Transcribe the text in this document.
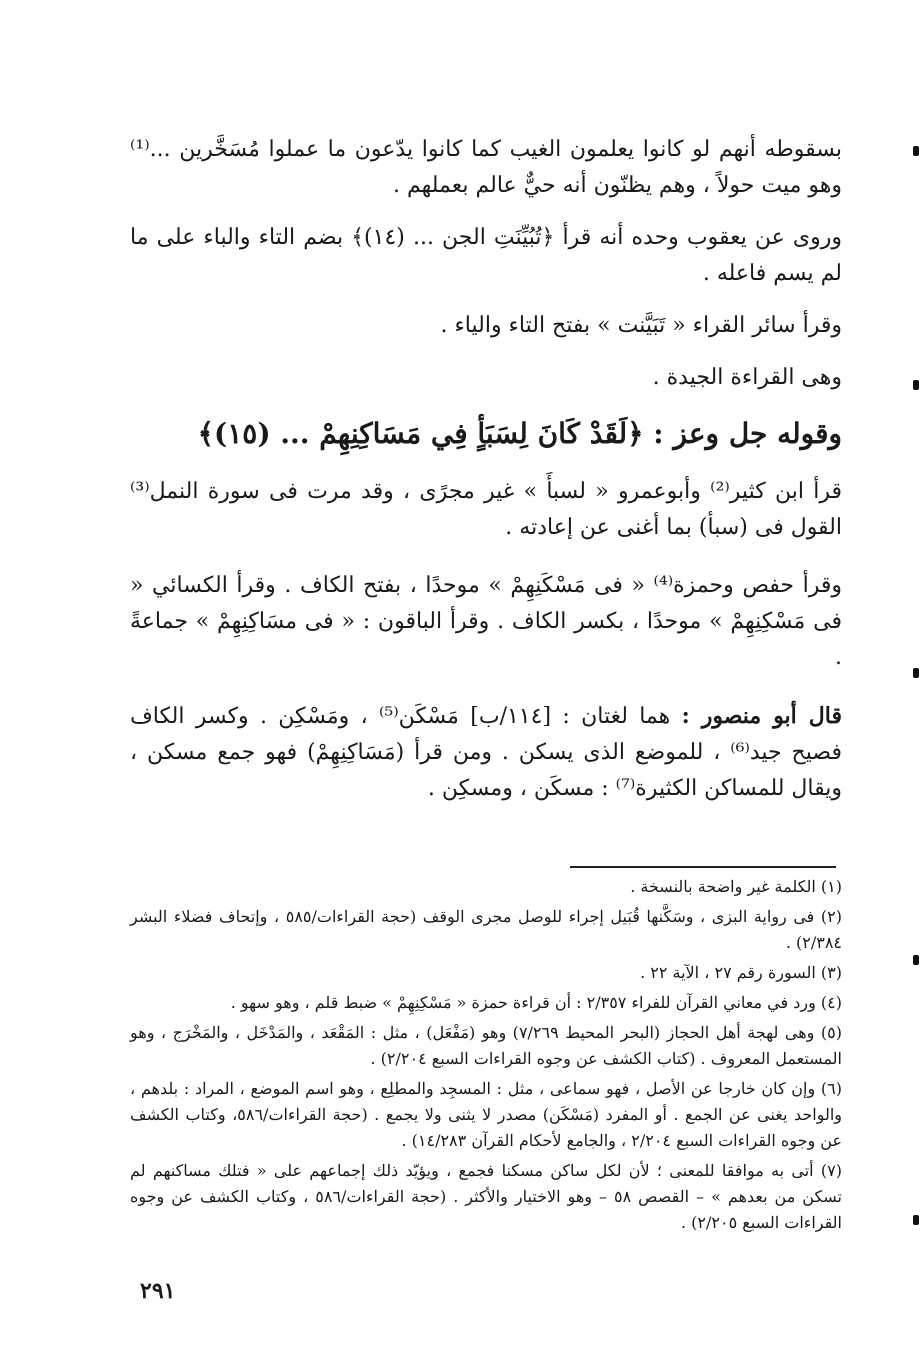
بسقوطه أنهم لو كانوا يعلمون الغيب كما كانوا يدّعون ما عملوا مُسَخَّرين ...⁽¹⁾ وهو ميت حولاً ، وهم يظنّون أنه حيٌّ عالم بعملهم .

وروى عن يعقوب وحده أنه قرأ ﴿تُبُيِّنَتِ الجن ... (١٤)﴾ بضم التاء والباء على ما لم يسم فاعله .

وقرأ سائر القراء « تَبَيَّنت » بفتح التاء والياء .

وهى القراءة الجيدة .

وقوله جل وعز : ﴿لَقَدْ كَانَ لِسَبَأٍ فِي مَسَاكِنِهِمْ ... (١٥)﴾

قرأ ابن كثير⁽²⁾ وأبوعمرو « لسبأَ » غير مجرًى ، وقد مرت فى سورة النمل⁽³⁾ القول فى (سبأ) بما أغنى عن إعادته .

وقرأ حفص وحمزة⁽⁴⁾ « فى مَسْكَنِهِمْ » موحدًا ، بفتح الكاف . وقرأ الكسائي « فى مَسْكِنِهِمْ » موحدًا ، بكسر الكاف . وقرأ الباقون : « فى مسَاكِنِهِمْ » جماعةً .

قال أبو منصور : هما لغتان : [١١٤/ب] مَسْكَن⁽⁵⁾ ، ومَسْكِن . وكسر الكاف فصيح جيد⁽⁶⁾ ، للموضع الذى يسكن . ومن قرأ (مَسَاكِنِهِمْ) فهو جمع مسكن ، ويقال للمساكن الكثيرة⁽⁷⁾ : مسكَن ، ومسكِن .

(١) الكلمة غير واضحة بالنسخة .

(٢) فى رواية البزى ، وسَكَّنها قُبَيل إجراء للوصل مجرى الوقف (حجة القراءات/٥٨٥ ، وإتحاف فضلاء البشر ٢/٣٨٤) .

(٣) السورة رقم ٢٧ ، الآية ٢٢ .

(٤) ورد في معاني القرآن للفراء ٢/٣٥٧ : أن قراءة حمزة « مَسْكِنِهِمْ » ضبط قلم ، وهو سهو .

(٥) وهى لهجة أهل الحجاز (البحر المحيط ٧/٢٦٩) وهو (مَفْعَل) ، مثل : المَقْعَد ، والمَدْخَل ، والمَخْرَج ، وهو المستعمل المعروف . (كتاب الكشف عن وجوه القراءات السبع ٢/٢٠٤) .

(٦) وإن كان خارجا عن الأصل ، فهو سماعى ، مثل : المسجِد والمطلِع ، وهو اسم الموضع ، المراد : بلدهم ، والواحد يغنى عن الجمع . أو المفرد (مَسْكَن) مصدر لا يثنى ولا يجمع . (حجة القراءات/٥٨٦، وكتاب الكشف عن وجوه القراءات السبع ٢/٢٠٤ ، والجامع لأحكام القرآن ١٤/٢٨٣) .

(٧) أتى به موافقا للمعنى ؛ لأن لكل ساكن مسكنا فجمع ، ويؤيّد ذلك إجماعهم على « فتلك مساكنهم لم تسكن من بعدهم » – القصص ٥٨ – وهو الاختيار والأكثر . (حجة القراءات/٥٨٦ ، وكتاب الكشف عن وجوه القراءات السبع ٢/٢٠٥) .

٢٩١
